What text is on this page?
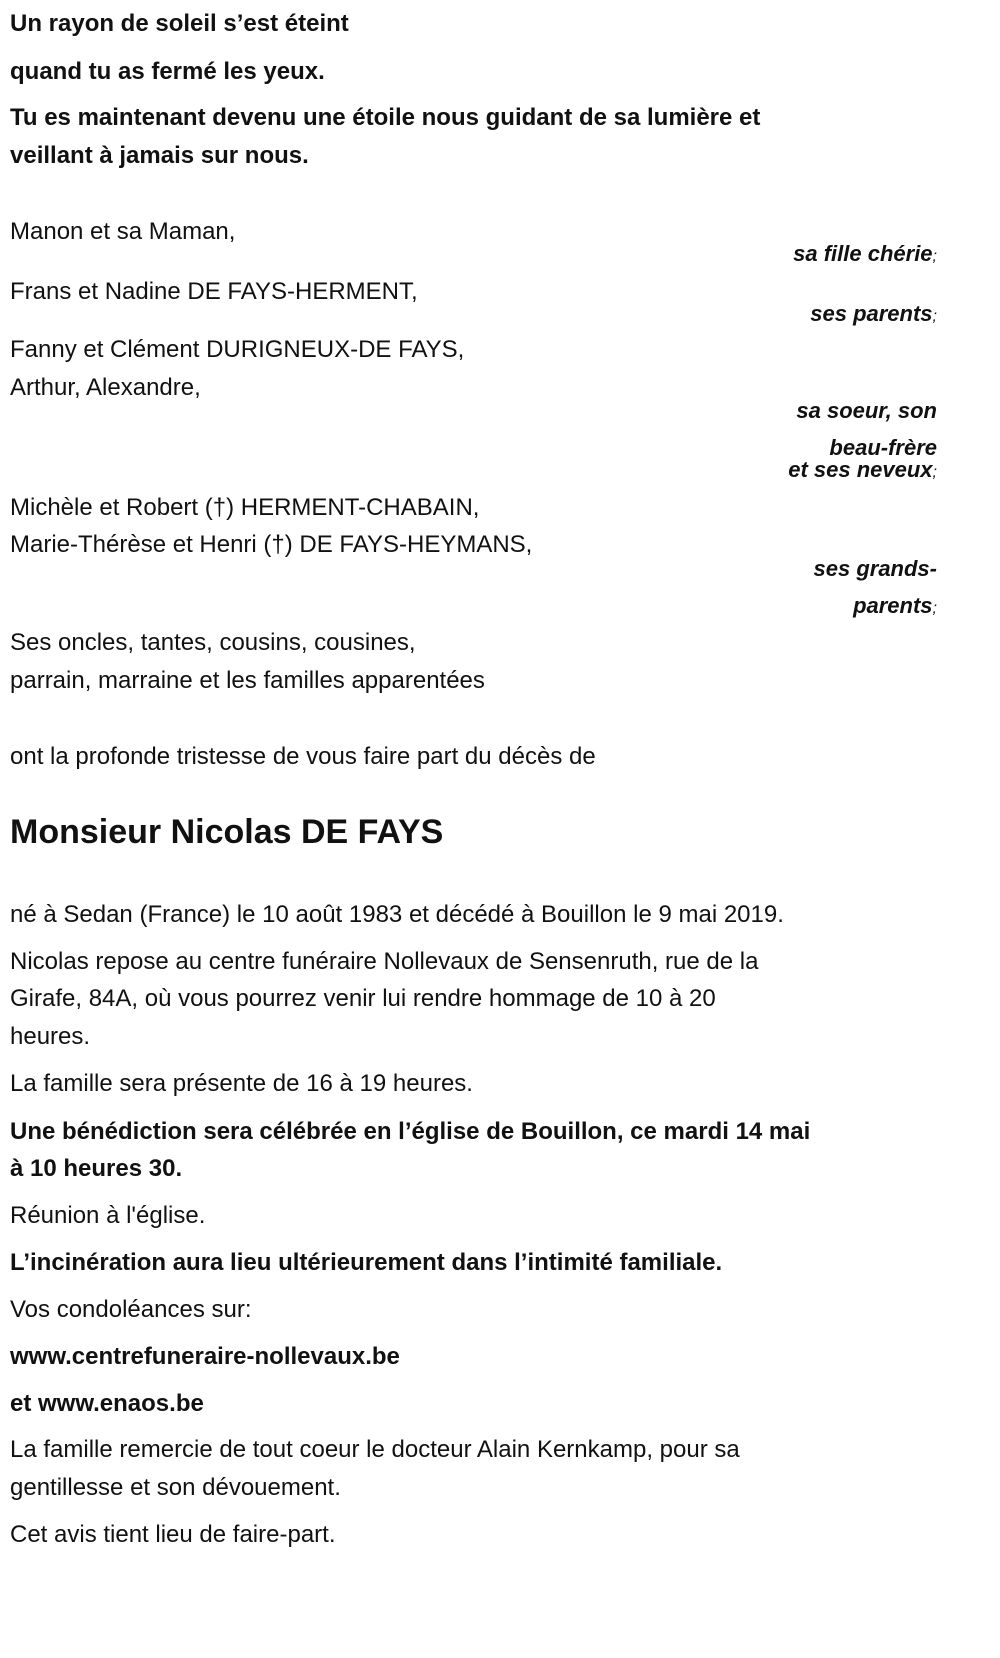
Un rayon de soleil s’est éteint
quand tu as fermé les yeux.
Tu es maintenant devenu une étoile nous guidant de sa lumière et
veillant à jamais sur nous.
Manon et sa Maman,
sa fille chérie;
Frans et Nadine DE FAYS-HERMENT,
ses parents;
Fanny et Clément DURIGNEUX-DE FAYS,
Arthur, Alexandre,
sa soeur, son
beau-frère
et ses neveux;
Michèle et Robert (†) HERMENT-CHABAIN,
Marie-Thérèse et Henri (†) DE FAYS-HEYMANS,
ses grands-
parents;
Ses oncles, tantes, cousins, cousines,
parrain, marraine et les familles apparentées
ont la profonde tristesse de vous faire part du décès de
Monsieur Nicolas DE FAYS
né à Sedan (France) le 10 août 1983 et décédé à Bouillon le 9 mai 2019.
Nicolas repose au centre funéraire Nollevaux de Sensenruth, rue de la
Girafe, 84A, où vous pourrez venir lui rendre hommage de 10 à 20
heures.
La famille sera présente de 16 à 19 heures.
Une bénédiction sera célébrée en l’église de Bouillon, ce mardi 14 mai
à 10 heures 30.
Réunion à l'église.
L’incinération aura lieu ultérieurement dans l’intimité familiale.
Vos condoléances sur:
www.centrefuneraire-nollevaux.be
et www.enaos.be
La famille remercie de tout coeur le docteur Alain Kernkamp, pour sa
gentillesse et son dévouement.
Cet avis tient lieu de faire-part.
